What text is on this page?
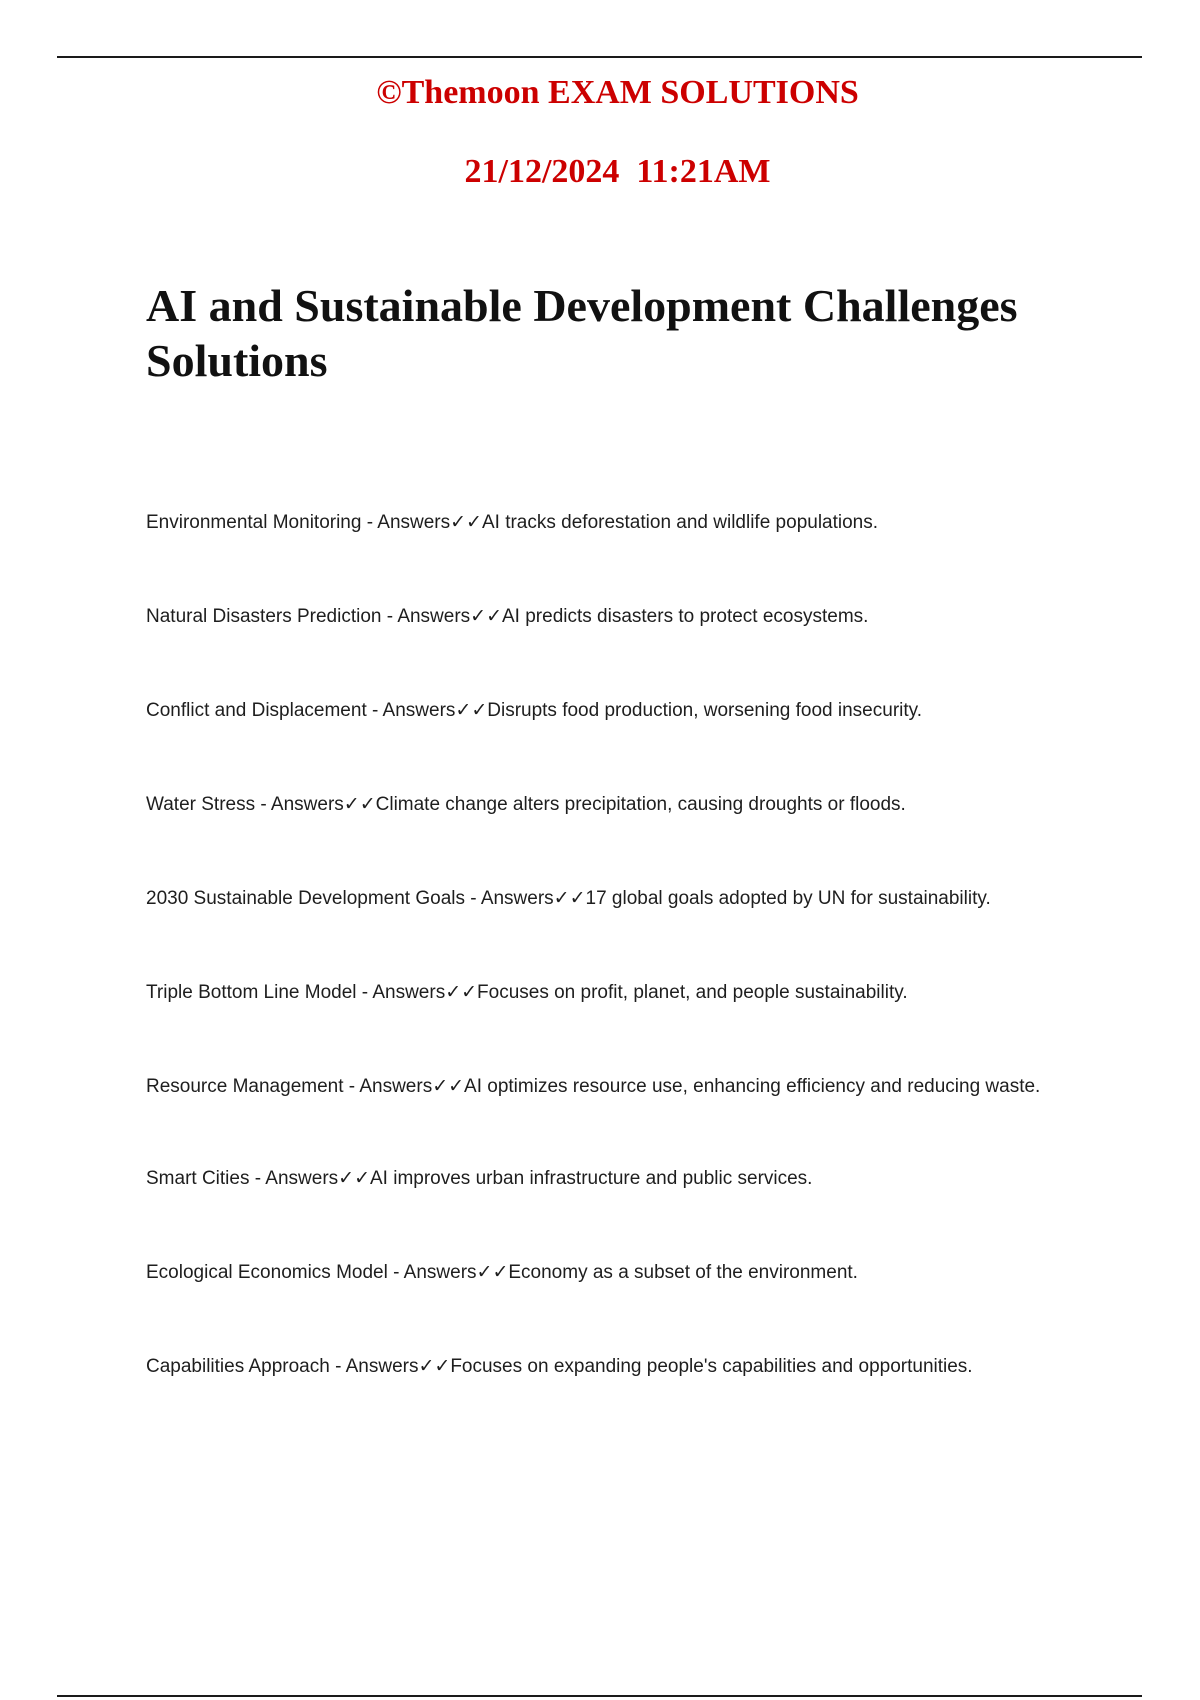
©Themoon EXAM SOLUTIONS
21/12/2024  11:21AM
AI and Sustainable Development Challenges Solutions
Environmental Monitoring - Answers✓✓AI tracks deforestation and wildlife populations.
Natural Disasters Prediction - Answers✓✓AI predicts disasters to protect ecosystems.
Conflict and Displacement - Answers✓✓Disrupts food production, worsening food insecurity.
Water Stress - Answers✓✓Climate change alters precipitation, causing droughts or floods.
2030 Sustainable Development Goals - Answers✓✓17 global goals adopted by UN for sustainability.
Triple Bottom Line Model - Answers✓✓Focuses on profit, planet, and people sustainability.
Resource Management - Answers✓✓AI optimizes resource use, enhancing efficiency and reducing waste.
Smart Cities - Answers✓✓AI improves urban infrastructure and public services.
Ecological Economics Model - Answers✓✓Economy as a subset of the environment.
Capabilities Approach - Answers✓✓Focuses on expanding people's capabilities and opportunities.
